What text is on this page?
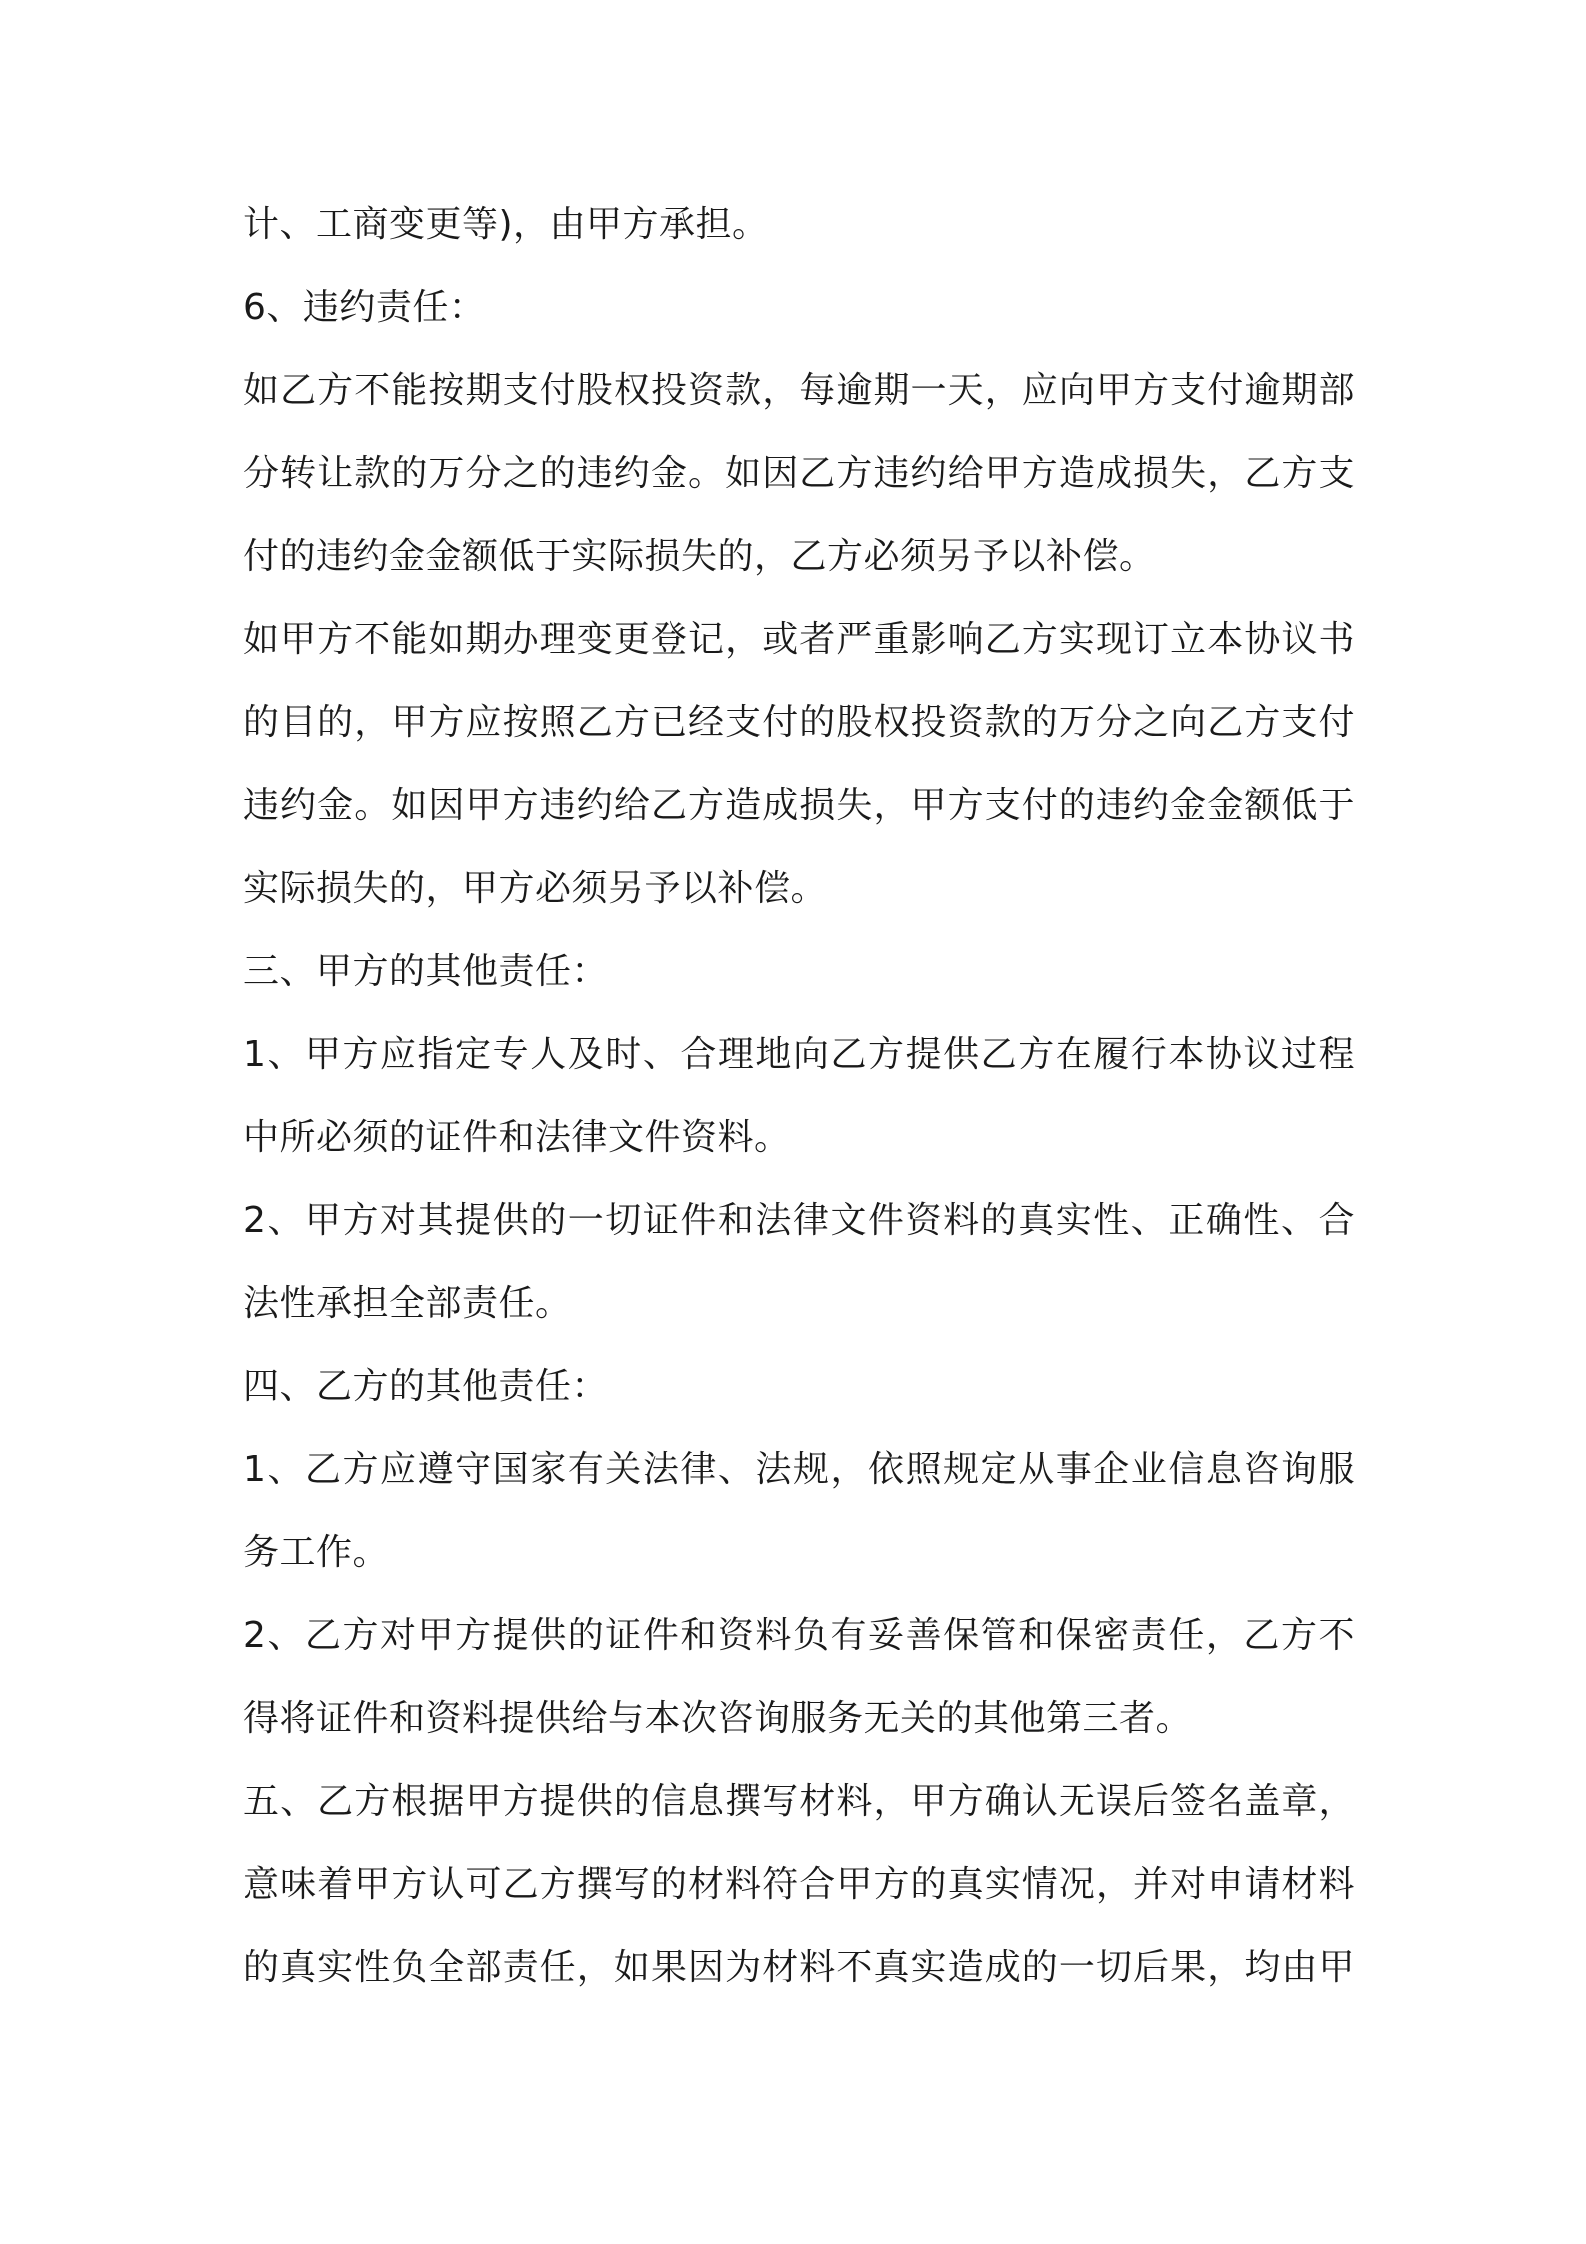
计、工商变更等)，由甲方承担。
6、违约责任：
如乙方不能按期支付股权投资款，每逾期一天，应向甲方支付逾期部
分转让款的万分之的违约金。如因乙方违约给甲方造成损失，乙方支
付的违约金金额低于实际损失的，乙方必须另予以补偿。
如甲方不能如期办理变更登记，或者严重影响乙方实现订立本协议书
的目的，甲方应按照乙方已经支付的股权投资款的万分之向乙方支付
违约金。如因甲方违约给乙方造成损失，甲方支付的违约金金额低于
实际损失的，甲方必须另予以补偿。
三、甲方的其他责任：
1、甲方应指定专人及时、合理地向乙方提供乙方在履行本协议过程
中所必须的证件和法律文件资料。
2、甲方对其提供的一切证件和法律文件资料的真实性、正确性、合
法性承担全部责任。
四、乙方的其他责任：
1、乙方应遵守国家有关法律、法规，依照规定从事企业信息咨询服
务工作。
2、乙方对甲方提供的证件和资料负有妥善保管和保密责任，乙方不
得将证件和资料提供给与本次咨询服务无关的其他第三者。
五、乙方根据甲方提供的信息撰写材料，甲方确认无误后签名盖章，
意味着甲方认可乙方撰写的材料符合甲方的真实情况，并对申请材料
的真实性负全部责任，如果因为材料不真实造成的一切后果，均由甲
